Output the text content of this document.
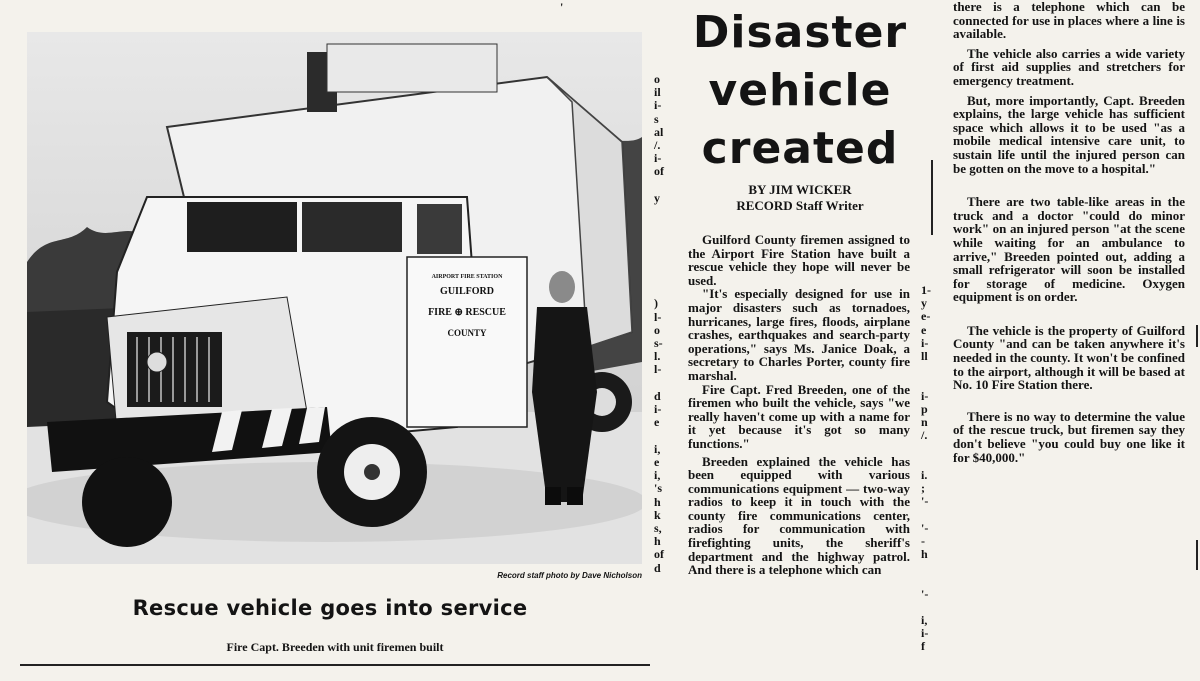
'
AIRPORT FIRE STATION
GUILFORD
FIRE ⊕ RESCUE
COUNTY
Record staff photo by Dave Nicholson
Rescue vehicle goes into service
Fire Capt. Breeden with unit firemen built
o
il
i-
s
al
/.
i-
of

y

)
l-
o
s-
l.
l-

d
i-
e

i,
e
i,
's
h
k
s,
h
of
d
1-
y
e-
e
i-
ll

i-
p
n
/.

i.
;
'-

'-
-
h

'-

i,
i-
f
Disaster
vehicle
created
BY JIM WICKER
RECORD Staff Writer

Guilford County firemen assigned to the Airport Fire Station have built a rescue vehicle they hope will never be used.

"It's especially designed for use in major disasters such as tornadoes, hurricanes, large fires, floods, airplane crashes, earthquakes and search-party operations," says Ms. Janice Doak, a secretary to Charles Porter, county fire marshal.

Fire Capt. Fred Breeden, one of the firemen who built the vehicle, says "we really haven't come up with a name for it yet because it's got so many functions."

Breeden explained the vehicle has been equipped with various communications equipment — two-way radios to keep it in touch with the county fire communications center, radios for communication with firefighting units, the sheriff's department and the highway patrol. And there is a telephone which can

there is a telephone which can be connected for use in places where a line is available.

The vehicle also carries a wide variety of first aid supplies and stretchers for emergency treatment.

But, more importantly, Capt. Breeden explains, the large vehicle has sufficient space which allows it to be used "as a mobile medical intensive care unit, to sustain life until the injured person can be gotten on the move to a hospital."

There are two table-like areas in the truck and a doctor "could do minor work" on an injured person "at the scene while waiting for an ambulance to arrive," Breeden pointed out, adding a small refrigerator will soon be installed for storage of medicine. Oxygen equipment is on order.

The vehicle is the property of Guilford County "and can be taken anywhere it's needed in the county. It won't be confined to the airport, although it will be based at No. 10 Fire Station there.

There is no way to determine the value of the rescue truck, but firemen say they don't believe "you could buy one like it for $40,000."
